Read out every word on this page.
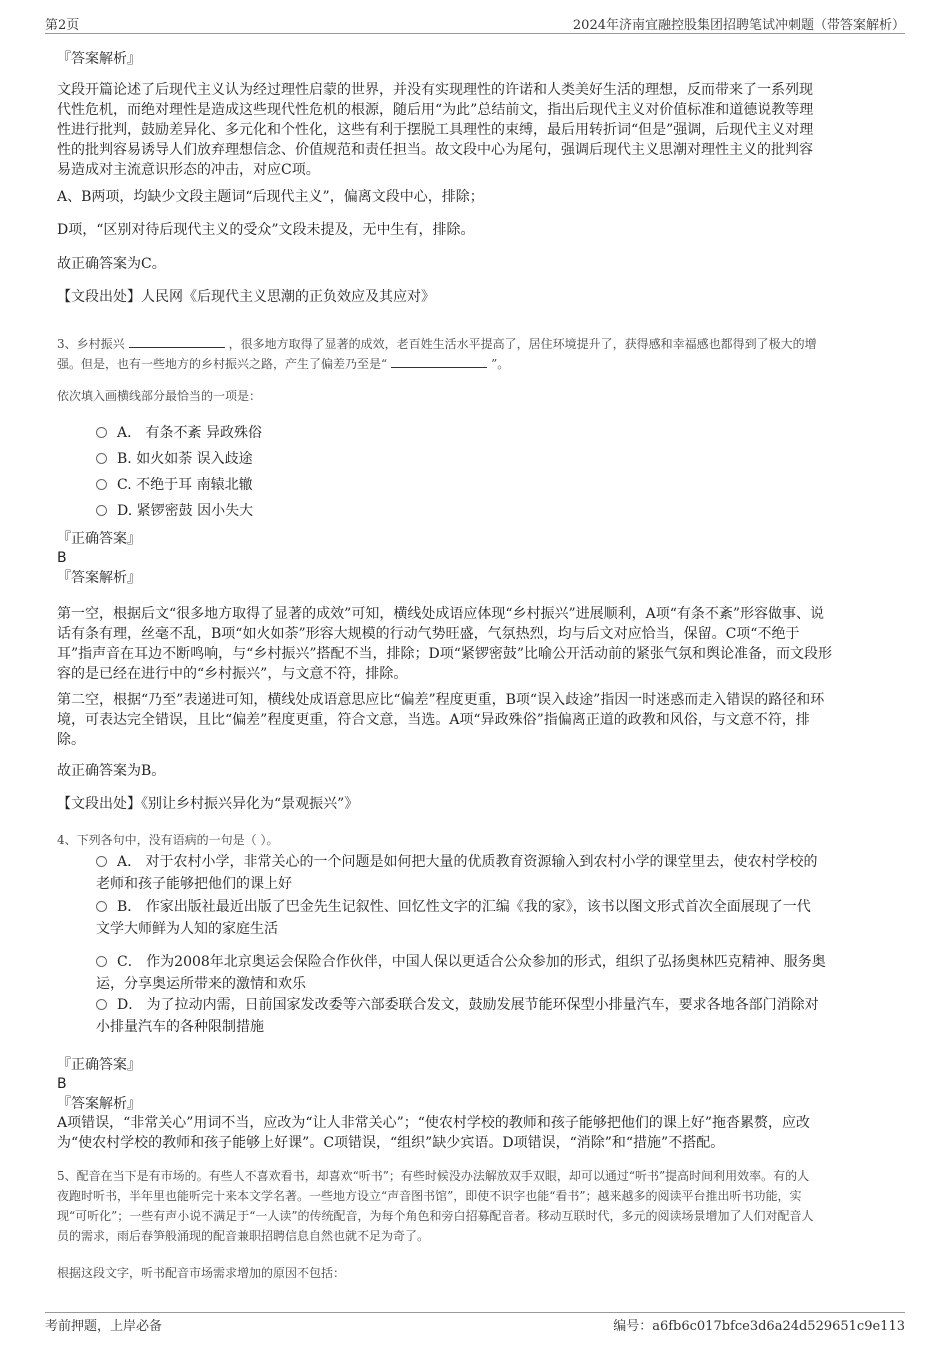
第2页	2024年济南宜融控股集团招聘笔试冲刺题（带答案解析）
『答案解析』
文段开篇论述了后现代主义认为经过理性启蒙的世界，并没有实现理性的许诺和人类美好生活的理想，反而带来了一系列现
代性危机，而绝对理性是造成这些现代性危机的根源，随后用“为此”总结前文，指出后现代主义对价值标准和道德说教等理
性进行批判，鼓励差异化、多元化和个性化，这些有利于摆脱工具理性的束缚，最后用转折词“但是”强调，后现代主义对理
性的批判容易诱导人们放弃理想信念、价值规范和责任担当。故文段中心为尾句，强调后现代主义思潮对理性主义的批判容
易造成对主流意识形态的冲击，对应C项。
A、B两项，均缺少文段主题词“后现代主义”，偏离文段中心，排除；
D项，“区别对待后现代主义的受众”文段未提及，无中生有，排除。
故正确答案为C。
【文段出处】人民网《后现代主义思潮的正负效应及其应对》
3、乡村振兴	，很多地方取得了显著的成效，老百姓生活水平提高了，居住环境提升了，获得感和幸福感也都得到了极大的增
强。但是，也有一些地方的乡村振兴之路，产生了偏差乃至是“	”。
依次填入画横线部分最恰当的一项是：
A． 有条不紊 异政殊俗
B. 如火如荼 误入歧途
C. 不绝于耳 南辕北辙
D. 紧锣密鼓 因小失大
『正确答案』
B
『答案解析』
第一空，根据后文“很多地方取得了显著的成效”可知，横线处成语应体现“乡村振兴”进展顺利，A项“有条不紊”形容做事、说
话有条有理，丝毫不乱，B项“如火如荼”形容大规模的行动气势旺盛，气氛热烈，均与后文对应恰当，保留。C项“不绝于
耳”指声音在耳边不断鸣响，与“乡村振兴”搭配不当，排除；D项“紧锣密鼓”比喻公开活动前的紧张气氛和舆论准备，而文段形
容的是已经在进行中的“乡村振兴”，与文意不符，排除。
第二空，根据“乃至”表递进可知，横线处成语意思应比“偏差”程度更重，B项“误入歧途”指因一时迷惑而走入错误的路径和环
境，可表达完全错误，且比“偏差”程度更重，符合文意，当选。A项“异政殊俗”指偏离正道的政教和风俗，与文意不符，排
除。
故正确答案为B。
【文段出处】《别让乡村振兴异化为“景观振兴”》
4、下列各句中，没有语病的一句是（ ）。
A． 对于农村小学，非常关心的一个问题是如何把大量的优质教育资源输入到农村小学的课堂里去，使农村学校的
老师和孩子能够把他们的课上好
B． 作家出版社最近出版了巴金先生记叙性、回忆性文字的汇编《我的家》，该书以图文形式首次全面展现了一代
文学大师鲜为人知的家庭生活
C． 作为2008年北京奥运会保险合作伙伴，中国人保以更适合公众参加的形式，组织了弘扬奥林匹克精神、服务奥
运，分享奥运所带来的激情和欢乐
D． 为了拉动内需，日前国家发改委等六部委联合发文，鼓励发展节能环保型小排量汽车，要求各地各部门消除对
小排量汽车的各种限制措施
『正确答案』
B
『答案解析』
A项错误，“非常关心”用词不当，应改为“让人非常关心”；“使农村学校的教师和孩子能够把他们的课上好”拖沓累赘，应改
为“使农村学校的教师和孩子能够上好课”。C项错误，“组织”缺少宾语。D项错误，“消除”和“措施”不搭配。
5、配音在当下是有市场的。有些人不喜欢看书，却喜欢“听书”；有些时候没办法解放双手双眼，却可以通过“听书”提高时间利用效率。有的人
夜跑时听书，半年里也能听完十来本文学名著。一些地方设立“声音图书馆”，即使不识字也能“看书”；越来越多的阅读平台推出听书功能，实
现“可听化”；一些有声小说不满足于“一人读”的传统配音，为每个角色和旁白招募配音者。移动互联时代，多元的阅读场景增加了人们对配音人
员的需求，雨后春笋般涌现的配音兼职招聘信息自然也就不足为奇了。
根据这段文字，听书配音市场需求增加的原因不包括：
考前押题，上岸必备	编号：a6fb6c017bfce3d6a24d529651c9e113
